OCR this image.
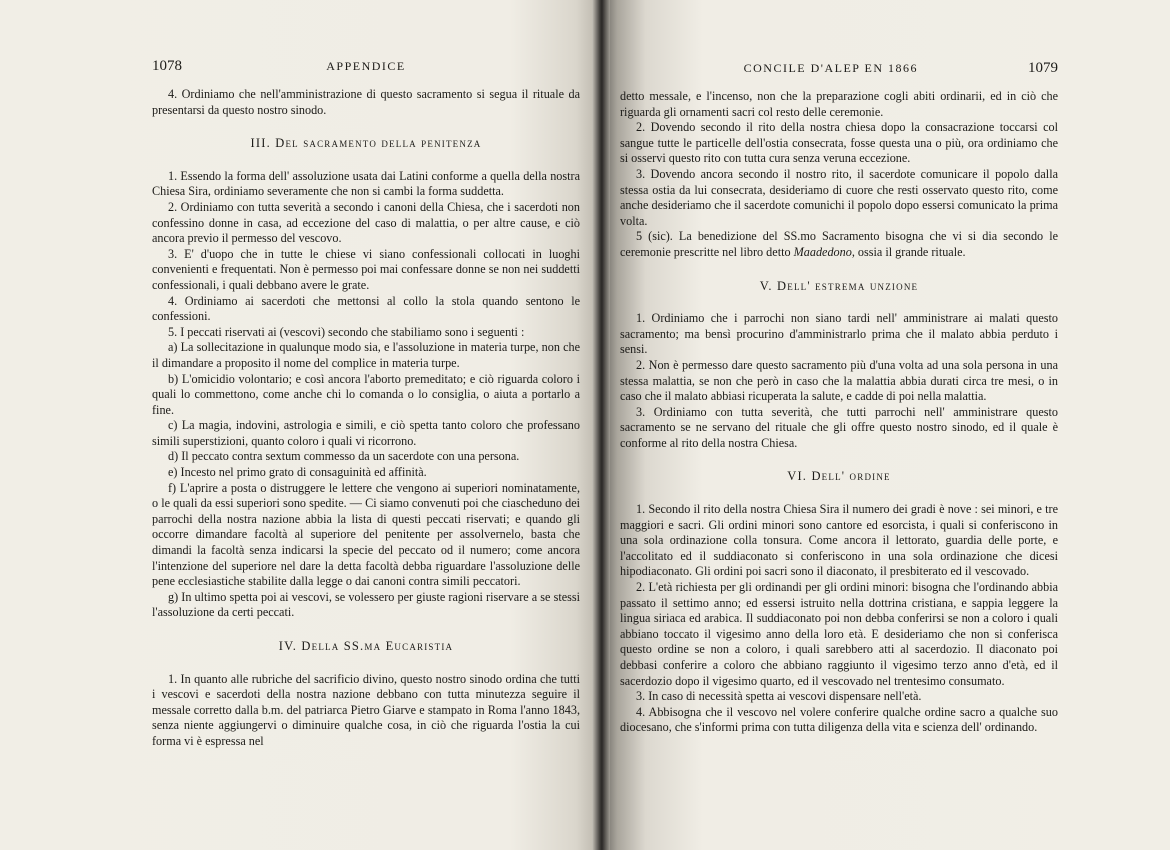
1078	APPENDICE

4. Ordiniamo che nell'amministrazione di questo sacramento si segua il rituale da presentarsi da questo nostro sinodo.

III. Del sacramento della penitenza

1. Essendo la forma dell' assoluzione usata dai Latini conforme a quella della nostra Chiesa Sira, ordiniamo severamente che non si cambi la forma suddetta.

2. Ordiniamo con tutta severità a secondo i canoni della Chiesa, che i sacerdoti non confessino donne in casa, ad eccezione del caso di malattia, o per altre cause, e ciò ancora previo il permesso del vescovo.

3. E' d'uopo che in tutte le chiese vi siano confessionali collocati in luoghi convenienti e frequentati. Non è permesso poi mai confessare donne se non nei suddetti confessionali, i quali debbano avere le grate.

4. Ordiniamo ai sacerdoti che mettonsi al collo la stola quando sentono le confessioni.

5. I peccati riservati ai (vescovi) secondo che stabiliamo sono i seguenti :

a) La sollecitazione in qualunque modo sia, e l'assoluzione in materia turpe, non che il dimandare a proposito il nome del complice in materia turpe.

b) L'omicidio volontario; e così ancora l'aborto premeditato; e ciò riguarda coloro i quali lo commettono, come anche chi lo comanda o lo consiglia, o aiuta a portarlo a fine.

c) La magia, indovini, astrologia e simili, e ciò spetta tanto coloro che professano simili superstizioni, quanto coloro i quali vi ricorrono.

d) Il peccato contra sextum commesso da un sacerdote con una persona.

e) Incesto nel primo grato di consaguinità ed affinità.

f) L'aprire a posta o distruggere le lettere che vengono ai superiori nominatamente, o le quali da essi superiori sono spedite. — Ci siamo convenuti poi che ciascheduno dei parrochi della nostra nazione abbia la lista di questi peccati riservati; e quando gli occorre dimandare facoltà al superiore del penitente per assolvernelo, basta che dimandi la facoltà senza indicarsi la specie del peccato od il numero; come ancora l'intenzione del superiore nel dare la detta facoltà debba riguardare l'assoluzione delle pene ecclesiastiche stabilite dalla legge o dai canoni contra simili peccatori.

g) In ultimo spetta poi ai vescovi, se volessero per giuste ragioni riservare a se stessi l'assoluzione da certi peccati.

IV. Della SS.ma Eucaristia

1. In quanto alle rubriche del sacrificio divino, questo nostro sinodo ordina che tutti i vescovi e sacerdoti della nostra nazione debbano con tutta minutezza seguire il messale corretto dalla b.m. del patriarca Pietro Giarve e stampato in Roma l'anno 1843, senza niente aggiungervi o diminuire qualche cosa, in ciò che riguarda l'ostia la cui forma vi è espressa nel

CONCILE D'ALEP EN 1866	1079

detto messale, e l'incenso, non che la preparazione cogli abiti ordinarii, ed in ciò che riguarda gli ornamenti sacri col resto delle ceremonie.

2. Dovendo secondo il rito della nostra chiesa dopo la consacrazione toccarsi col sangue tutte le particelle dell'ostia consecrata, fosse questa una o più, ora ordiniamo che si osservi questo rito con tutta cura senza veruna eccezione.

3. Dovendo ancora secondo il nostro rito, il sacerdote comunicare il popolo dalla stessa ostia da lui consecrata, desideriamo di cuore che resti osservato questo rito, come anche desideriamo che il sacerdote comunichi il popolo dopo essersi comunicato la prima volta.

5 (sic). La benedizione del SS.mo Sacramento bisogna che vi si dia secondo le ceremonie prescritte nel libro detto Maadedono, ossia il grande rituale.

V. Dell' estrema unzione

1. Ordiniamo che i parrochi non siano tardi nell' amministrare ai malati questo sacramento; ma bensì procurino d'amministrarlo prima che il malato abbia perduto i sensi.

2. Non è permesso dare questo sacramento più d'una volta ad una sola persona in una stessa malattia, se non che però in caso che la malattia abbia durati circa tre mesi, o in caso che il malato abbiasi ricuperata la salute, e cadde di poi nella malattia.

3. Ordiniamo con tutta severità, che tutti parrochi nell' amministrare questo sacramento se ne servano del rituale che gli offre questo nostro sinodo, ed il quale è conforme al rito della nostra Chiesa.

VI. Dell' ordine

1. Secondo il rito della nostra Chiesa Sira il numero dei gradi è nove : sei minori, e tre maggiori e sacri. Gli ordini minori sono cantore ed esorcista, i quali si conferiscono in una sola ordinazione colla tonsura. Come ancora il lettorato, guardia delle porte, e l'accolitato ed il suddiaconato si conferiscono in una sola ordinazione che dicesi hipodiaconato. Gli ordini poi sacri sono il diaconato, il presbiterato ed il vescovado.

2. L'età richiesta per gli ordinandi per gli ordini minori: bisogna che l'ordinando abbia passato il settimo anno; ed essersi istruito nella dottrina cristiana, e sappia leggere la lingua siriaca ed arabica. Il suddiaconato poi non debba conferirsi se non a coloro i quali abbiano toccato il vigesimo anno della loro età. E desideriamo che non si conferisca questo ordine se non a coloro, i quali sarebbero atti al sacerdozio. Il diaconato poi debbasi conferire a coloro che abbiano raggiunto il vigesimo terzo anno d'età, ed il sacerdozio dopo il vigesimo quarto, ed il vescovado nel trentesimo consumato.

3. In caso di necessità spetta ai vescovi dispensare nell'età.

4. Abbisogna che il vescovo nel volere conferire qualche ordine sacro a qualche suo diocesano, che s'informi prima con tutta diligenza della vita e scienza dell' ordinando.
